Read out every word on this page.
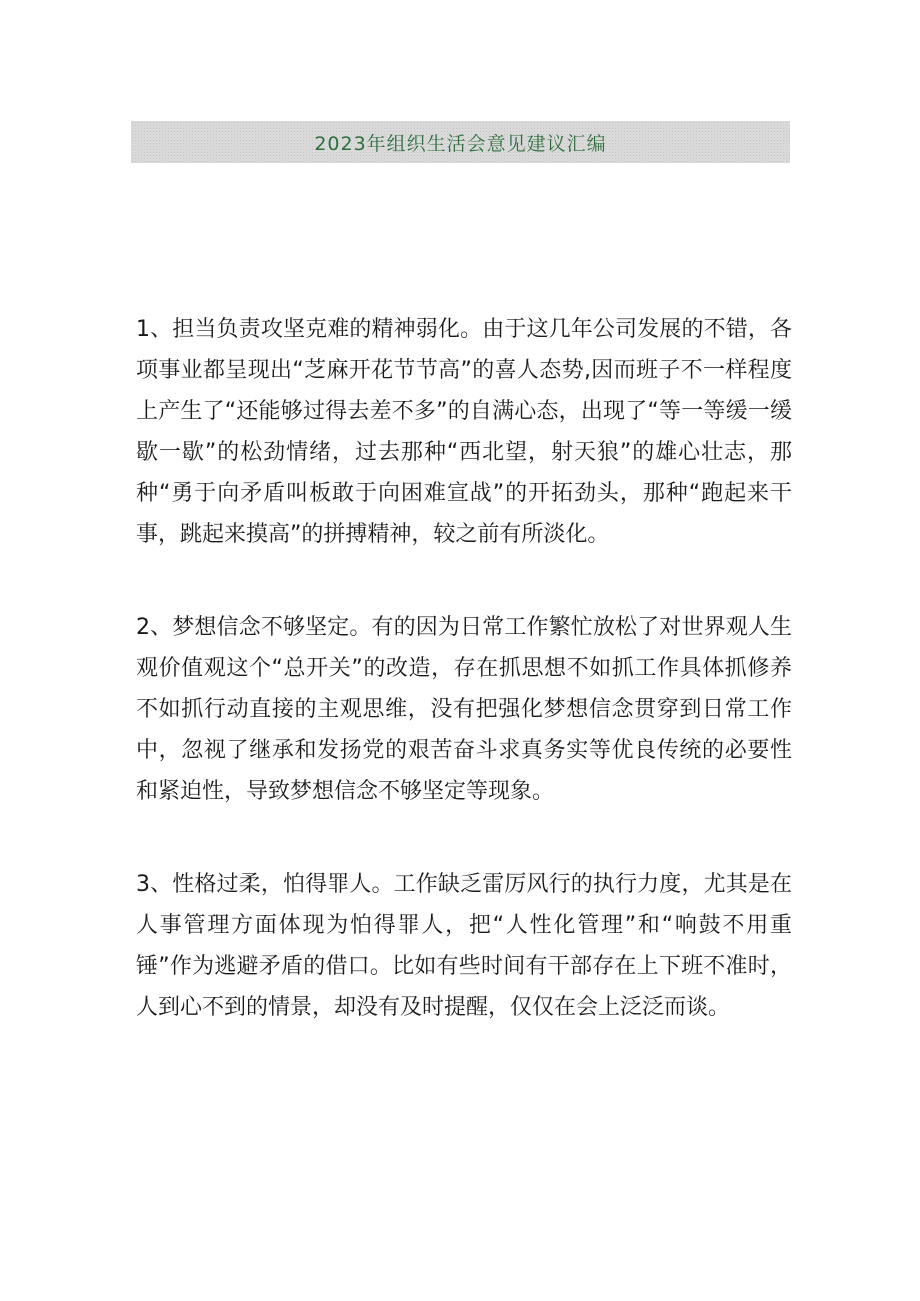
2023年组织生活会意见建议汇编

1、担当负责攻坚克难的精神弱化。由于这几年公司发展的不错，各项事业都呈现出“芝麻开花节节高”的喜人态势,因而班子不一样程度上产生了“还能够过得去差不多”的自满心态，出现了“等一等缓一缓歇一歇”的松劲情绪，过去那种“西北望，射天狼”的雄心壮志，那种“勇于向矛盾叫板敢于向困难宣战”的开拓劲头，那种“跑起来干事，跳起来摸高”的拼搏精神，较之前有所淡化。

2、梦想信念不够坚定。有的因为日常工作繁忙放松了对世界观人生观价值观这个“总开关”的改造，存在抓思想不如抓工作具体抓修养不如抓行动直接的主观思维，没有把强化梦想信念贯穿到日常工作中，忽视了继承和发扬党的艰苦奋斗求真务实等优良传统的必要性和紧迫性，导致梦想信念不够坚定等现象。

3、性格过柔，怕得罪人。工作缺乏雷厉风行的执行力度，尤其是在人事管理方面体现为怕得罪人，把“人性化管理”和“响鼓不用重锤”作为逃避矛盾的借口。比如有些时间有干部存在上下班不准时，人到心不到的情景，却没有及时提醒，仅仅在会上泛泛而谈。
